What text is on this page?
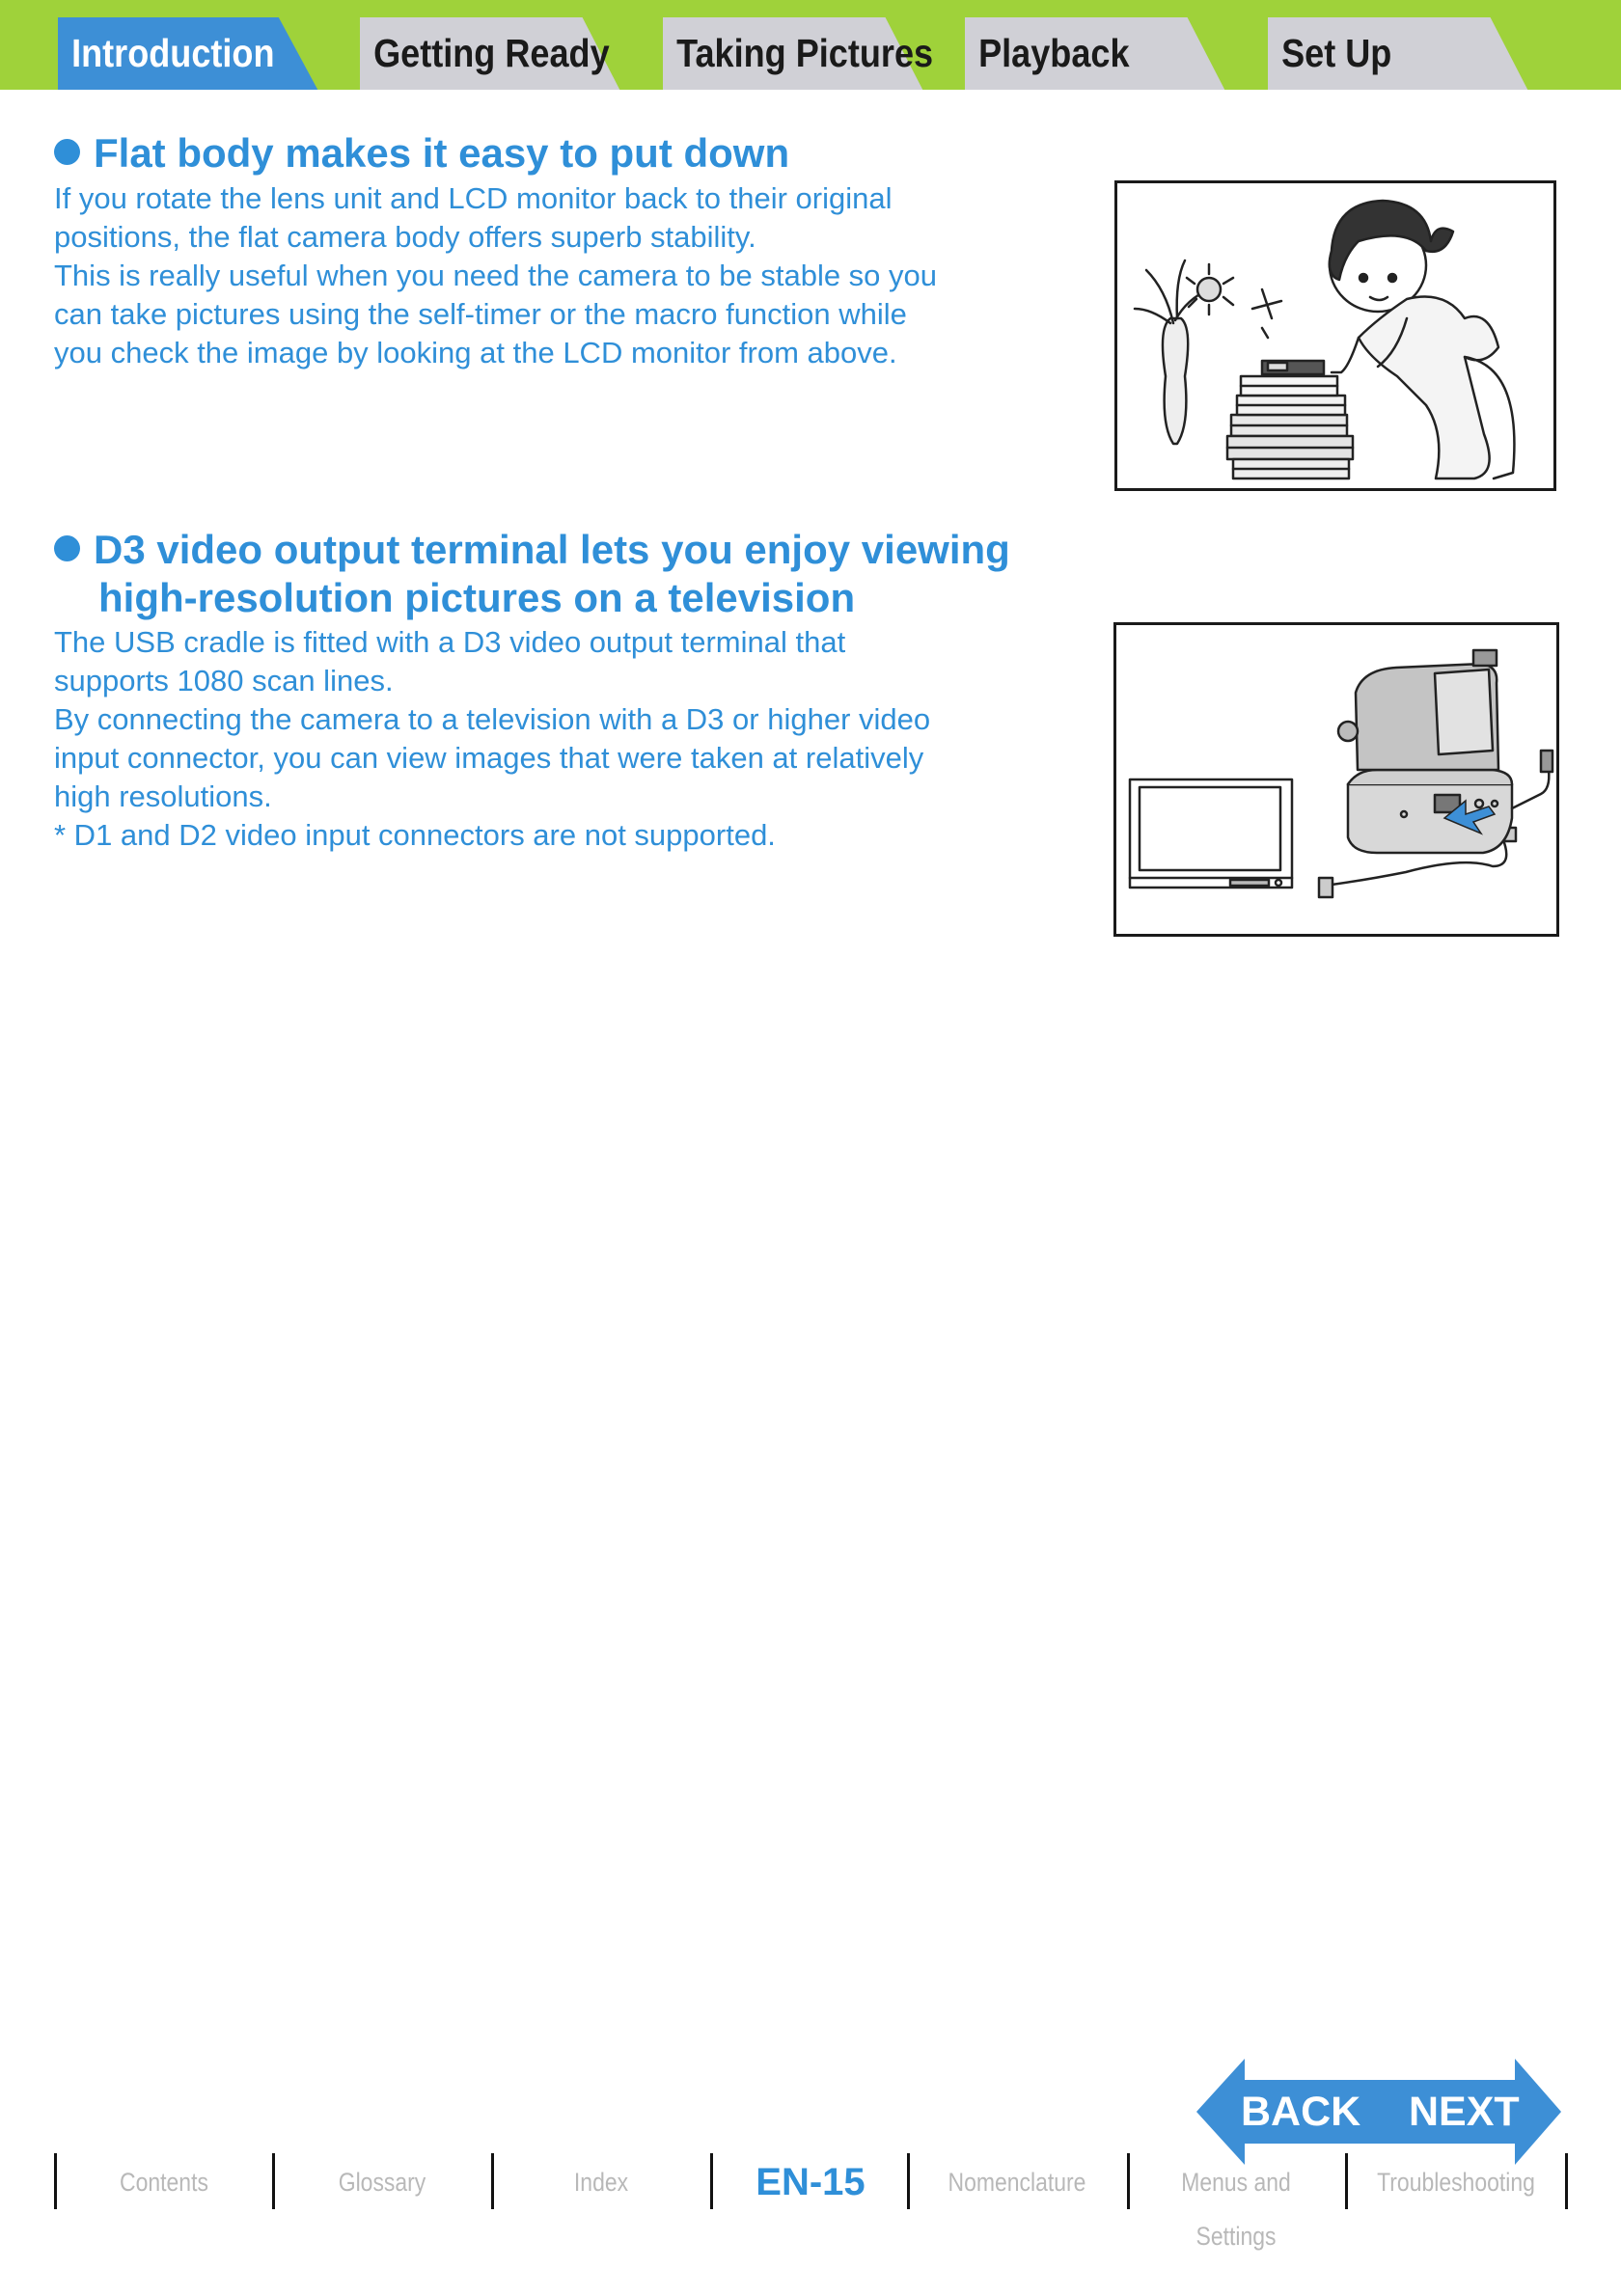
Introduction	Getting Ready	Taking Pictures	Playback	Set Up
Flat body makes it easy to put down

If you rotate the lens unit and LCD monitor back to their original
positions, the flat camera body offers superb stability.
This is really useful when you need the camera to be stable so you
can take pictures using the self-timer or the macro function while
you check the image by looking at the LCD monitor from above.

D3 video output terminal lets you enjoy viewing
high-resolution pictures on a television

The USB cradle is fitted with a D3 video output terminal that
supports 1080 scan lines.
By connecting the camera to a television with a D3 or higher video
input connector, you can view images that were taken at relatively
high resolutions.
* D1 and D2 video input connectors are not supported.

Contents	Glossary	Index	EN-15	Nomenclature	Menus and Settings
Troubleshooting
BACK NEXT
